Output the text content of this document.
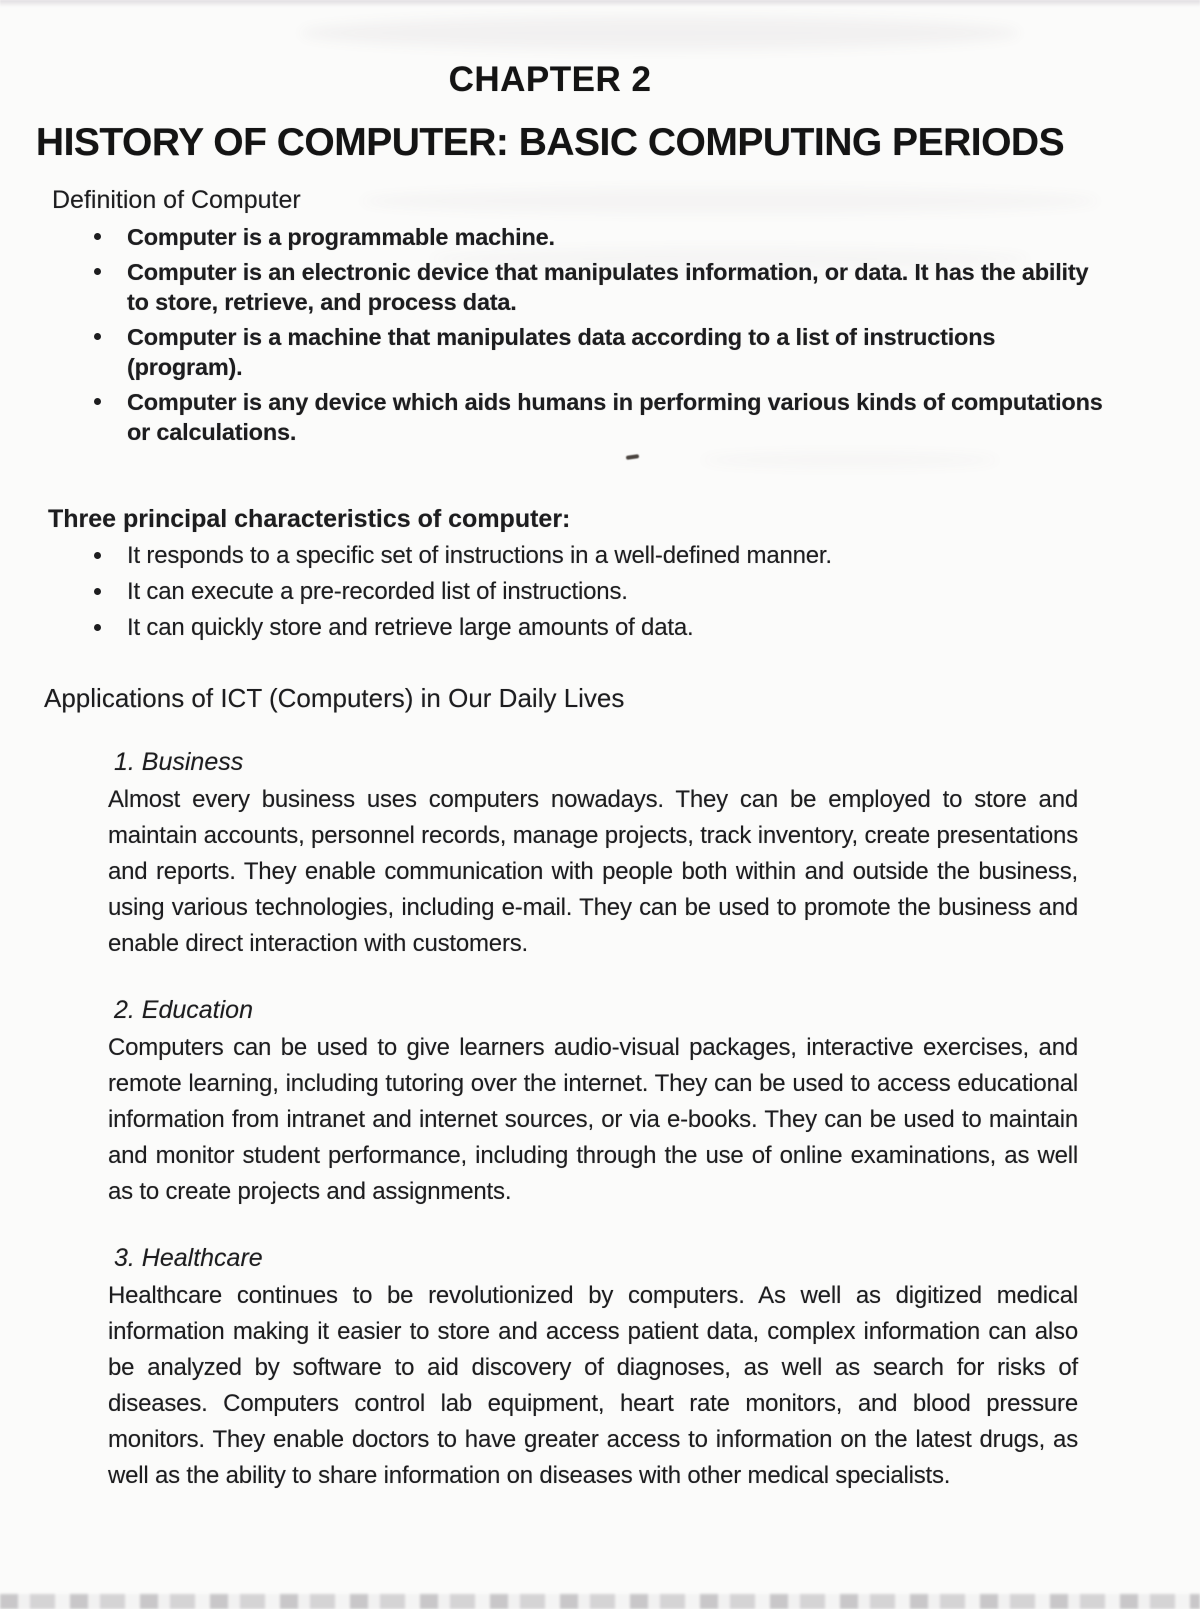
CHAPTER 2
HISTORY OF COMPUTER: BASIC COMPUTING PERIODS
Definition of Computer
Computer is a programmable machine.
Computer is an electronic device that manipulates information, or data. It has the ability to store, retrieve, and process data.
Computer is a machine that manipulates data according to a list of instructions (program).
Computer is any device which aids humans in performing various kinds of computations or calculations.
Three principal characteristics of computer:
It responds to a specific set of instructions in a well-defined manner.
It can execute a pre-recorded list of instructions.
It can quickly store and retrieve large amounts of data.
Applications of ICT (Computers) in Our Daily Lives
1. Business

Almost every business uses computers nowadays. They can be employed to store and maintain accounts, personnel records, manage projects, track inventory, create presentations and reports. They enable communication with people both within and outside the business, using various technologies, including e-mail. They can be used to promote the business and enable direct interaction with customers.

2. Education

Computers can be used to give learners audio-visual packages, interactive exercises, and remote learning, including tutoring over the internet. They can be used to access educational information from intranet and internet sources, or via e-books. They can be used to maintain and monitor student performance, including through the use of online examinations, as well as to create projects and assignments.

3. Healthcare

Healthcare continues to be revolutionized by computers. As well as digitized medical information making it easier to store and access patient data, complex information can also be analyzed by software to aid discovery of diagnoses, as well as search for risks of diseases. Computers control lab equipment, heart rate monitors, and blood pressure monitors. They enable doctors to have greater access to information on the latest drugs, as well as the ability to share information on diseases with other medical specialists.
